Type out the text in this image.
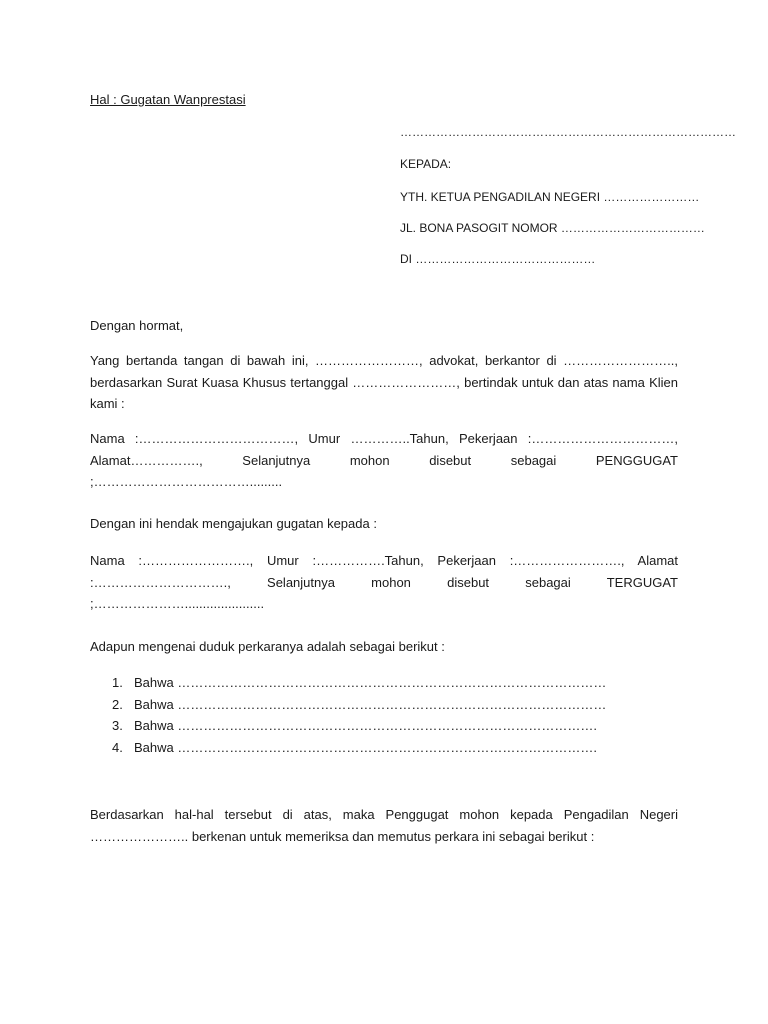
Hal : Gugatan Wanprestasi
…………………………………………………………………………
KEPADA:
YTH. KETUA PENGADILAN NEGERI ……………………
JL. BONA PASOGIT NOMOR ………………………………
DI ………………………………………
Dengan hormat,
Yang bertanda tangan di bawah ini, ……………………, advokat, berkantor di ……………………..,
berdasarkan Surat Kuasa Khusus tertanggal ……………………, bertindak untuk dan atas nama Klien kami :
Nama :………………………………, Umur …………..Tahun, Pekerjaan :……………………………,
Alamat……………., Selanjutnya mohon disebut sebagai PENGGUGAT ;……………………………….........
Dengan ini hendak mengajukan gugatan kepada :
Nama :……………………., Umur :…………….Tahun, Pekerjaan :……………………., Alamat
:…………………………., Selanjutnya mohon disebut sebagai TERGUGAT ;…………………......................
Adapun mengenai duduk perkaranya adalah sebagai berikut :
1. Bahwa ………………………………………………………………………………………
2. Bahwa ………………………………………………………………………………………
3. Bahwa …………………………………………………………………………………….
4. Bahwa …………………………………………………………………………………….
Berdasarkan hal-hal tersebut di atas, maka Penggugat mohon kepada Pengadilan Negeri
………………….. berkenan untuk memeriksa dan memutus perkara ini sebagai berikut :
